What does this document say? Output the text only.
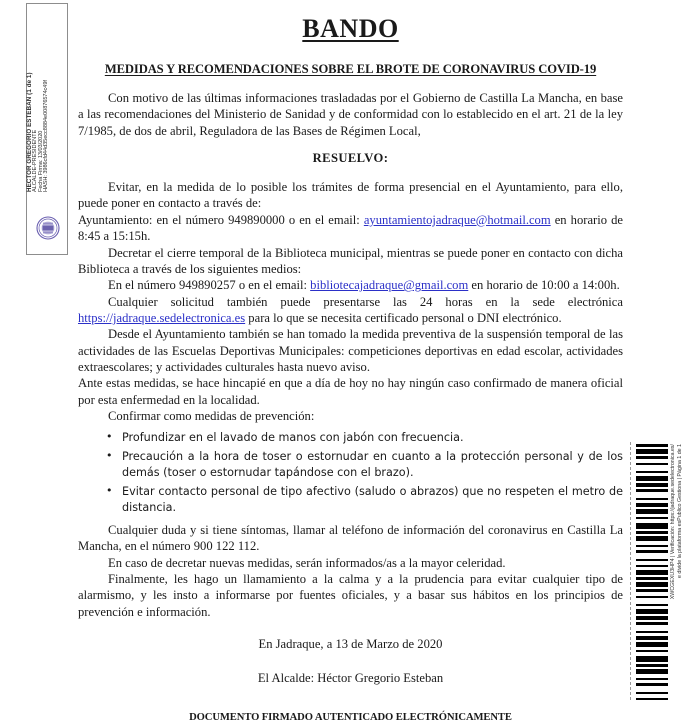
HECTOR GREGORIO ESTEBAN (1 de 1) ALCALDE-PRESIDENTE Fecha Firma: 13/03/2020 HASH: 3986cfd44d35ecc8884e00876574c49f
BANDO
MEDIDAS Y RECOMENDACIONES SOBRE EL BROTE DE CORONAVIRUS COVID-19

Con motivo de las últimas informaciones trasladadas por el Gobierno de Castilla La Mancha, en base a las recomendaciones del Ministerio de Sanidad y de conformidad con lo establecido en el art. 21 de la ley 7/1985, de dos de abril, Reguladora de las Bases de Régimen Local,

RESUELVO:

Evitar, en la medida de lo posible los trámites de forma presencial en el Ayuntamiento, para ello, puede poner en contacto a través de:

Ayuntamiento: en el número 949890000 o en el email: ayuntamientojadraque@hotmail.com en horario de 8:45 a 15:15h.

Decretar el cierre temporal de la Biblioteca municipal, mientras se puede poner en contacto con dicha Biblioteca a través de los siguientes medios:

En el número 949890257 o en el email: bibliotecajadraque@gmail.com en horario de 10:00 a 14:00h.

Cualquier solicitud también puede presentarse las 24 horas en la sede electrónica https://jadraque.sedelectronica.es para lo que se necesita certificado personal o DNI electrónico.

Desde el Ayuntamiento también se han tomado la medida preventiva de la suspensión temporal de las actividades de las Escuelas Deportivas Municipales: competiciones deportivas en edad escolar, actividades extraescolares; y actividades culturales hasta nuevo aviso.

Ante estas medidas, se hace hincapié en que a día de hoy no hay ningún caso confirmado de manera oficial por esta enfermedad en la localidad.

Confirmar como medidas de prevención:

• Profundizar en el lavado de manos con jabón con frecuencia.
• Precaución a la hora de toser o estornudar en cuanto a la protección personal y de los demás (toser o estornudar tapándose con el brazo).
• Evitar contacto personal de tipo afectivo (saludo o abrazos) que no respeten el metro de distancia.

Cualquier duda y si tiene síntomas, llamar al teléfono de información del coronavirus en Castilla La Mancha, en el número 900 122 112.

En caso de decretar nuevas medidas, serán informados/as a la mayor celeridad.

Finalmente, les hago un llamamiento a la calma y a la prudencia para evitar cualquier tipo de alarmismo, y les insto a informarse por fuentes oficiales, y a basar sus hábitos en los principios de prevención e información.

En Jadraque, a 13 de Marzo de 2020

El Alcalde: Héctor Gregorio Esteban

DOCUMENTO FIRMADO AUTENTICADO ELECTRÓNICAMENTE

XWCGEXU3HP4 | Verificación: https://jadraque.sedelectronica.es/ e divide la plataforma esPublico Gestiona | Página 1 de 1
